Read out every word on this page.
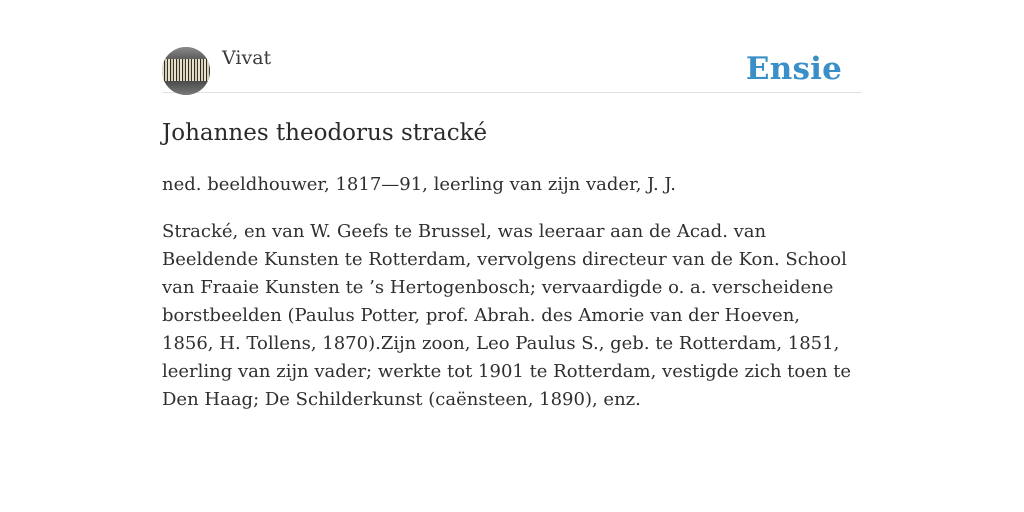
Vivat	Ensie
Johannes theodorus stracké

ned. beeldhouwer, 1817—91, leerling van zijn vader, J. J.

Stracké, en van W. Geefs te Brussel, was leeraar aan de Acad. van Beeldende Kunsten te Rotterdam, vervolgens directeur van de Kon. School van Fraaie Kunsten te ’s Hertogenbosch; vervaardigde o. a. verscheidene borstbeelden (Paulus Potter, prof. Abrah. des Amorie van der Hoeven, 1856, H. Tollens, 1870).Zijn zoon, Leo Paulus S., geb. te Rotterdam, 1851, leerling van zijn vader; werkte tot 1901 te Rotterdam, vestigde zich toen te Den Haag; De Schilderkunst (caënsteen, 1890), enz.
